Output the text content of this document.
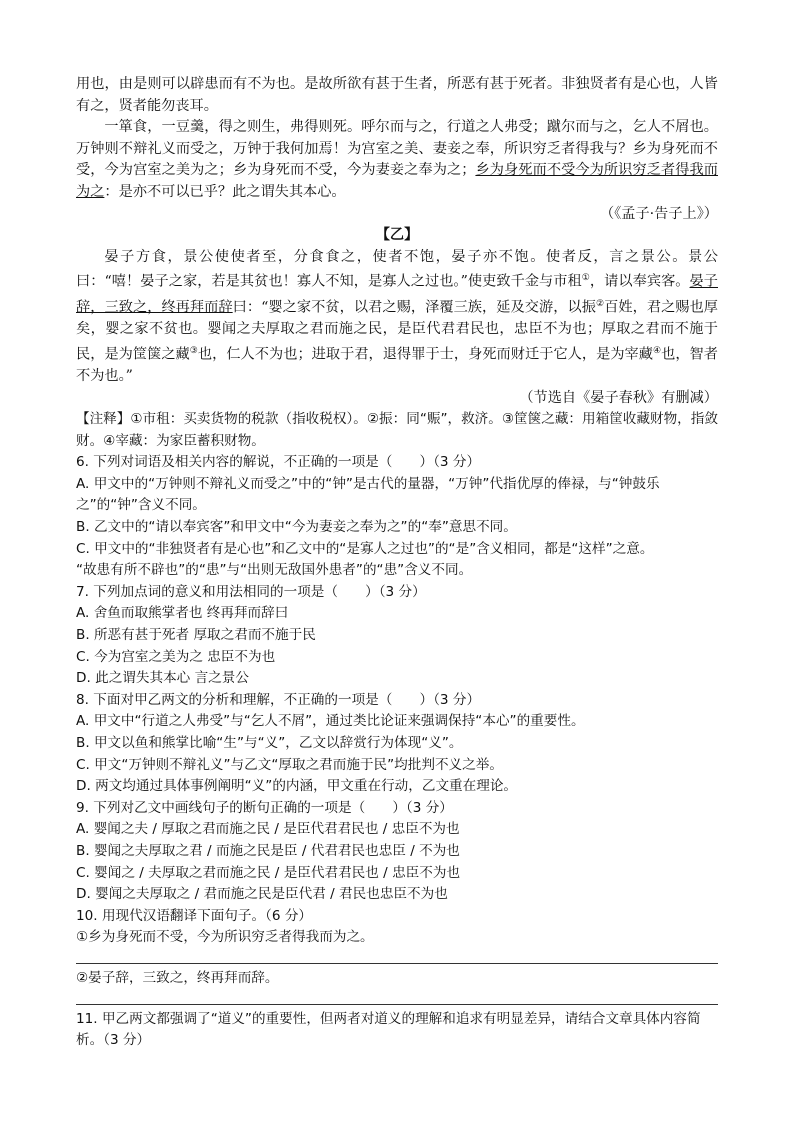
用也，由是则可以辟患而有不为也。是故所欲有甚于生者，所恶有甚于死者。非独贤者有是心也，人皆有之，贤者能勿丧耳。

一箪食，一豆羹，得之则生，弗得则死。呼尔而与之，行道之人弗受；蹴尔而与之，乞人不屑也。万钟则不辩礼义而受之，万钟于我何加焉！为宫室之美、妻妾之奉，所识穷乏者得我与？乡为身死而不受，今为宫室之美为之；乡为身死而不受，今为妻妾之奉为之；乡为身死而不受今为所识穷乏者得我而为之：是亦不可以已乎？此之谓失其本心。

（《孟子·告子上》）

【乙】

晏子方食，景公使使者至，分食食之，使者不饱，晏子亦不饱。使者反，言之景公。景公曰：“嘻！晏子之家，若是其贫也！寡人不知，是寡人之过也。”使吏致千金与市租①，请以奉宾客。晏子辞，三致之，终再拜而辞曰：“婴之家不贫，以君之赐，泽覆三族，延及交游，以振②百姓，君之赐也厚矣，婴之家不贫也。婴闻之夫厚取之君而施之民，是臣代君君民也，忠臣不为也；厚取之君而不施于民，是为筐箧之藏③也，仁人不为也；进取于君，退得罪于士，身死而财迁于它人，是为宰藏④也，智者不为也。”

（节选自《晏子春秋》有删减）

【注释】①市租：买卖货物的税款（指收税权）。②振：同“赈”，救济。③筐箧之藏：用箱筐收藏财物，指敛财。④宰藏：为家臣蓄积财物。

6. 下列对词语及相关内容的解说，不正确的一项是（　　）（3 分）

A. 甲文中的“万钟则不辩礼义而受之”中的“钟”是古代的量器，“万钟”代指优厚的俸禄，与“钟鼓乐之”的“钟”含义不同。

B. 乙文中的“请以奉宾客”和甲文中“今为妻妾之奉为之”的“奉”意思不同。

C. 甲文中的“非独贤者有是心也”和乙文中的“是寡人之过也”的“是”含义相同，都是“这样”之意。

“故患有所不辟也”的“患”与“出则无敌国外患者”的“患”含义不同。

7. 下列加点词的意义和用法相同的一项是（　　）（3 分）

A. 舍鱼而取熊掌者也 终再拜而辞曰

B. 所恶有甚于死者 厚取之君而不施于民

C. 今为宫室之美为之 忠臣不为也

D. 此之谓失其本心 言之景公

8. 下面对甲乙两文的分析和理解，不正确的一项是（　　）（3 分）

A. 甲文中“行道之人弗受”与“乞人不屑”，通过类比论证来强调保持“本心”的重要性。

B. 甲文以鱼和熊掌比喻“生”与“义”，乙文以辞赏行为体现“义”。

C. 甲文“万钟则不辩礼义”与乙文“厚取之君而施于民”均批判不义之举。

D. 两文均通过具体事例阐明“义”的内涵，甲文重在行动，乙文重在理论。

9. 下列对乙文中画线句子的断句正确的一项是（　　）（3 分）

A. 婴闻之夫 / 厚取之君而施之民 / 是臣代君君民也 / 忠臣不为也

B. 婴闻之夫厚取之君 / 而施之民是臣 / 代君君民也忠臣 / 不为也

C. 婴闻之 / 夫厚取之君而施之民 / 是臣代君君民也 / 忠臣不为也

D. 婴闻之夫厚取之 / 君而施之民是臣代君 / 君民也忠臣不为也

10. 用现代汉语翻译下面句子。（6 分）

①乡为身死而不受，今为所识穷乏者得我而为之。

②晏子辞，三致之，终再拜而辞。

11. 甲乙两文都强调了“道义”的重要性，但两者对道义的理解和追求有明显差异，请结合文章具体内容简析。（3 分）
